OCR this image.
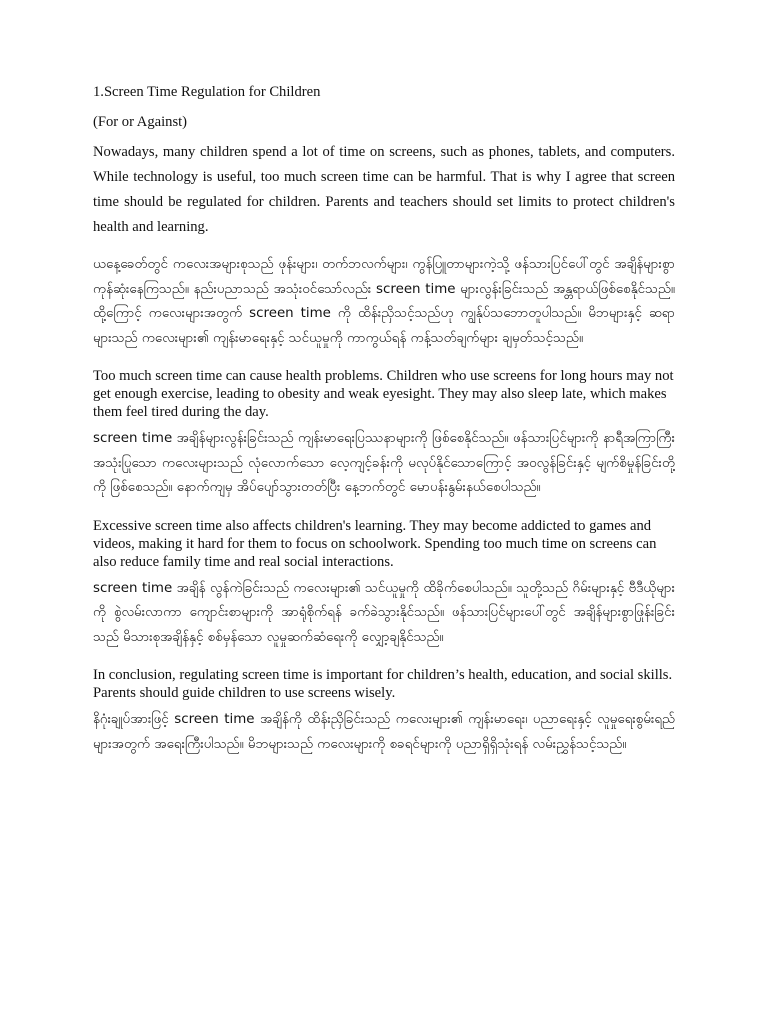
1.Screen Time Regulation for Children

(For or Against)

Nowadays, many children spend a lot of time on screens, such as phones, tablets, and computers. While technology is useful, too much screen time can be harmful. That is why I agree that screen time should be regulated for children. Parents and teachers should set limits to protect children's health and learning.

ယနေ့ခေတ်တွင် ကလေးအများစုသည် ဖုန်းများ၊ တက်ဘလက်များ၊ ကွန်ပြူတာများကဲ့သို့ ဖန်သားပြင်ပေါ်တွင် အချိန်များစွာ ကုန်ဆုံးနေကြသည်။ နည်းပညာသည် အသုံးဝင်သော်လည်း screen time များလွန်းခြင်းသည် အန္တရာယ်ဖြစ်စေနိုင်သည်။ ထို့ကြောင့် ကလေးများအတွက် screen time ကို ထိန်းညှိသင့်သည်ဟု ကျွန်ုပ်သဘောတူပါသည်။ မိဘများနှင့် ဆရာများသည် ကလေးများ၏ ကျန်းမာရေးနှင့် သင်ယူမှုကို ကာကွယ်ရန် ကန့်သတ်ချက်များ ချမှတ်သင့်သည်။

Too much screen time can cause health problems. Children who use screens for long hours may not get enough exercise, leading to obesity and weak eyesight. They may also sleep late, which makes them feel tired during the day.

screen time အချိန်များလွန်းခြင်းသည် ကျန်းမာရေးပြဿနာများကို ဖြစ်စေနိုင်သည်။ ဖန်သားပြင်များကို နာရီအကြာကြီးအသုံးပြုသော ကလေးများသည် လုံလောက်သော လေ့ကျင့်ခန်းကို မလုပ်နိုင်သောကြောင့် အဝလွန်ခြင်းနှင့် မျက်စိမှုန်ခြင်းတို့ကို ဖြစ်စေသည်။ နောက်ကျမှ အိပ်ပျော်သွားတတ်ပြီး နေ့ဘက်တွင် မောပန်းနွမ်းနယ်စေပါသည်။

Excessive screen time also affects children's learning. They may become addicted to games and videos, making it hard for them to focus on schoolwork. Spending too much time on screens can also reduce family time and real social interactions.

screen time အချိန် လွန်ကဲခြင်းသည် ကလေးများ၏ သင်ယူမှုကို ထိခိုက်စေပါသည်။ သူတို့သည် ဂိမ်းများနှင့် ဗီဒီယိုများကို စွဲလမ်းလာကာ ကျောင်းစာများကို အာရုံစိုက်ရန် ခက်ခဲသွားနိုင်သည်။ ဖန်သားပြင်များပေါ်တွင် အချိန်များစွာဖြုန်းခြင်းသည် မိသားစုအချိန်နှင့် စစ်မှန်သော လူမှုဆက်ဆံရေးကို လျှော့ချနိုင်သည်။

In conclusion, regulating screen time is important for children’s health, education, and social skills. Parents should guide children to use screens wisely.

နိဂုံးချုပ်အားဖြင့် screen time အချိန်ကို ထိန်းညှိခြင်းသည် ကလေးများ၏ ကျန်းမာရေး၊ ပညာရေးနှင့် လူမှုရေးစွမ်းရည်များအတွက် အရေးကြီးပါသည်။ မိဘများသည် ကလေးများကို စခရင်များကို ပညာရှိရှိသုံးရန် လမ်းညွှန်သင့်သည်။
